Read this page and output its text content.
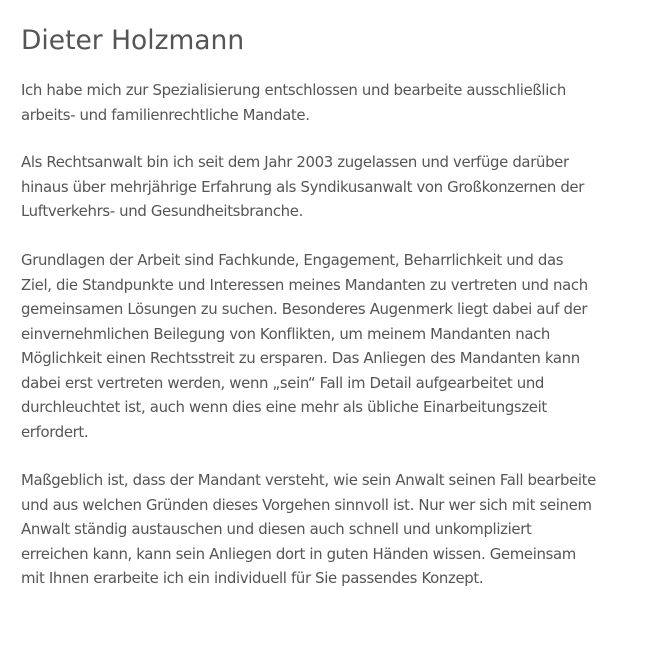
Dieter Holzmann

Ich habe mich zur Spezialisierung entschlossen und bearbeite ausschließlich
arbeits- und familienrechtliche Mandate.

Als Rechtsanwalt bin ich seit dem Jahr 2003 zugelassen und verfüge darüber
hinaus über mehrjährige Erfahrung als Syndikusanwalt von Großkonzernen der
Luftverkehrs- und Gesundheitsbranche.

Grundlagen der Arbeit sind Fachkunde, Engagement, Beharrlichkeit und das
Ziel, die Standpunkte und Interessen meines Mandanten zu vertreten und nach
gemeinsamen Lösungen zu suchen. Besonderes Augenmerk liegt dabei auf der
einvernehmlichen Beilegung von Konflikten, um meinem Mandanten nach
Möglichkeit einen Rechtsstreit zu ersparen. Das Anliegen des Mandanten kann
dabei erst vertreten werden, wenn „sein“ Fall im Detail aufgearbeitet und
durchleuchtet ist, auch wenn dies eine mehr als übliche Einarbeitungszeit
erfordert.

Maßgeblich ist, dass der Mandant versteht, wie sein Anwalt seinen Fall bearbeite
und aus welchen Gründen dieses Vorgehen sinnvoll ist. Nur wer sich mit seinem
Anwalt ständig austauschen und diesen auch schnell und unkompliziert
erreichen kann, kann sein Anliegen dort in guten Händen wissen. Gemeinsam
mit Ihnen erarbeite ich ein individuell für Sie passendes Konzept.
